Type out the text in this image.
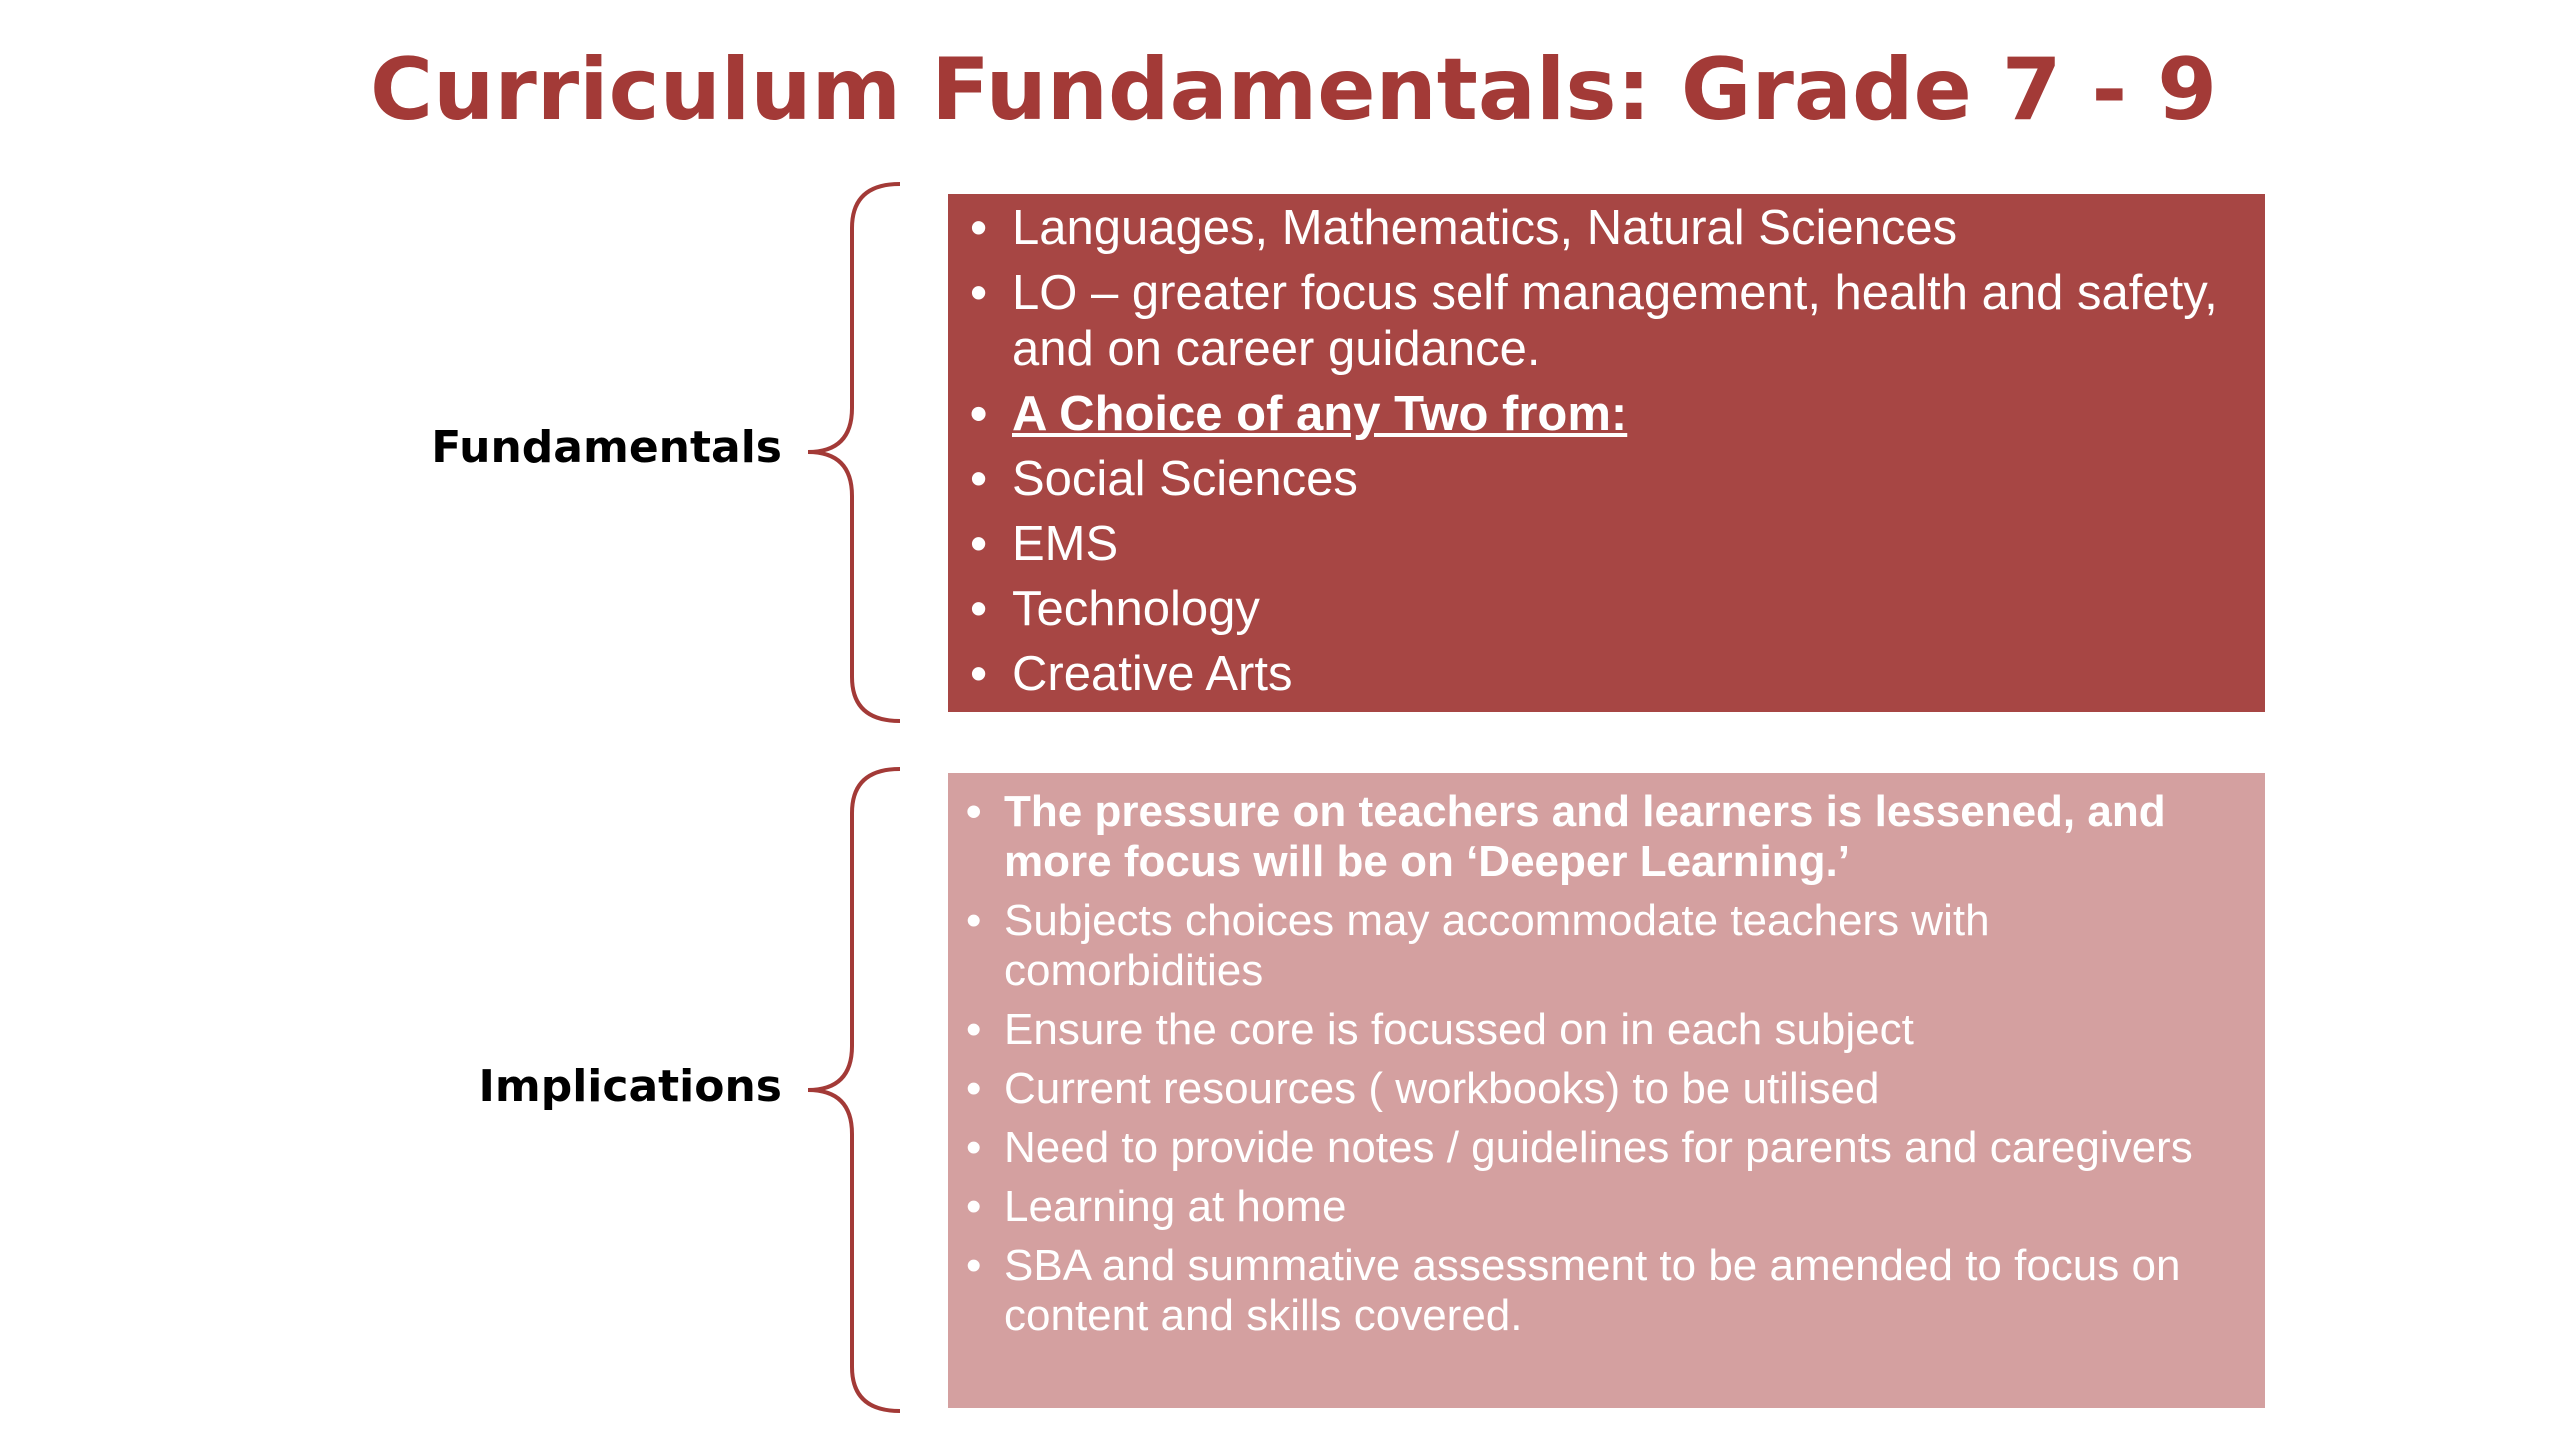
Curriculum Fundamentals: Grade 7 - 9
Fundamentals
• Languages, Mathematics, Natural Sciences
• LO – greater focus self management, health and safety, and on career guidance.
• A Choice of any Two from:
• Social Sciences
• EMS
• Technology
• Creative Arts
Implications
• The pressure on teachers and learners is lessened, and more focus will be on ‘Deeper Learning.’
• Subjects choices may accommodate teachers with comorbidities
• Ensure the core is focussed on in each subject
• Current resources ( workbooks) to be utilised
• Need to provide notes / guidelines for parents and caregivers
• Learning at home
• SBA and summative assessment to be amended to focus on content and skills covered.
